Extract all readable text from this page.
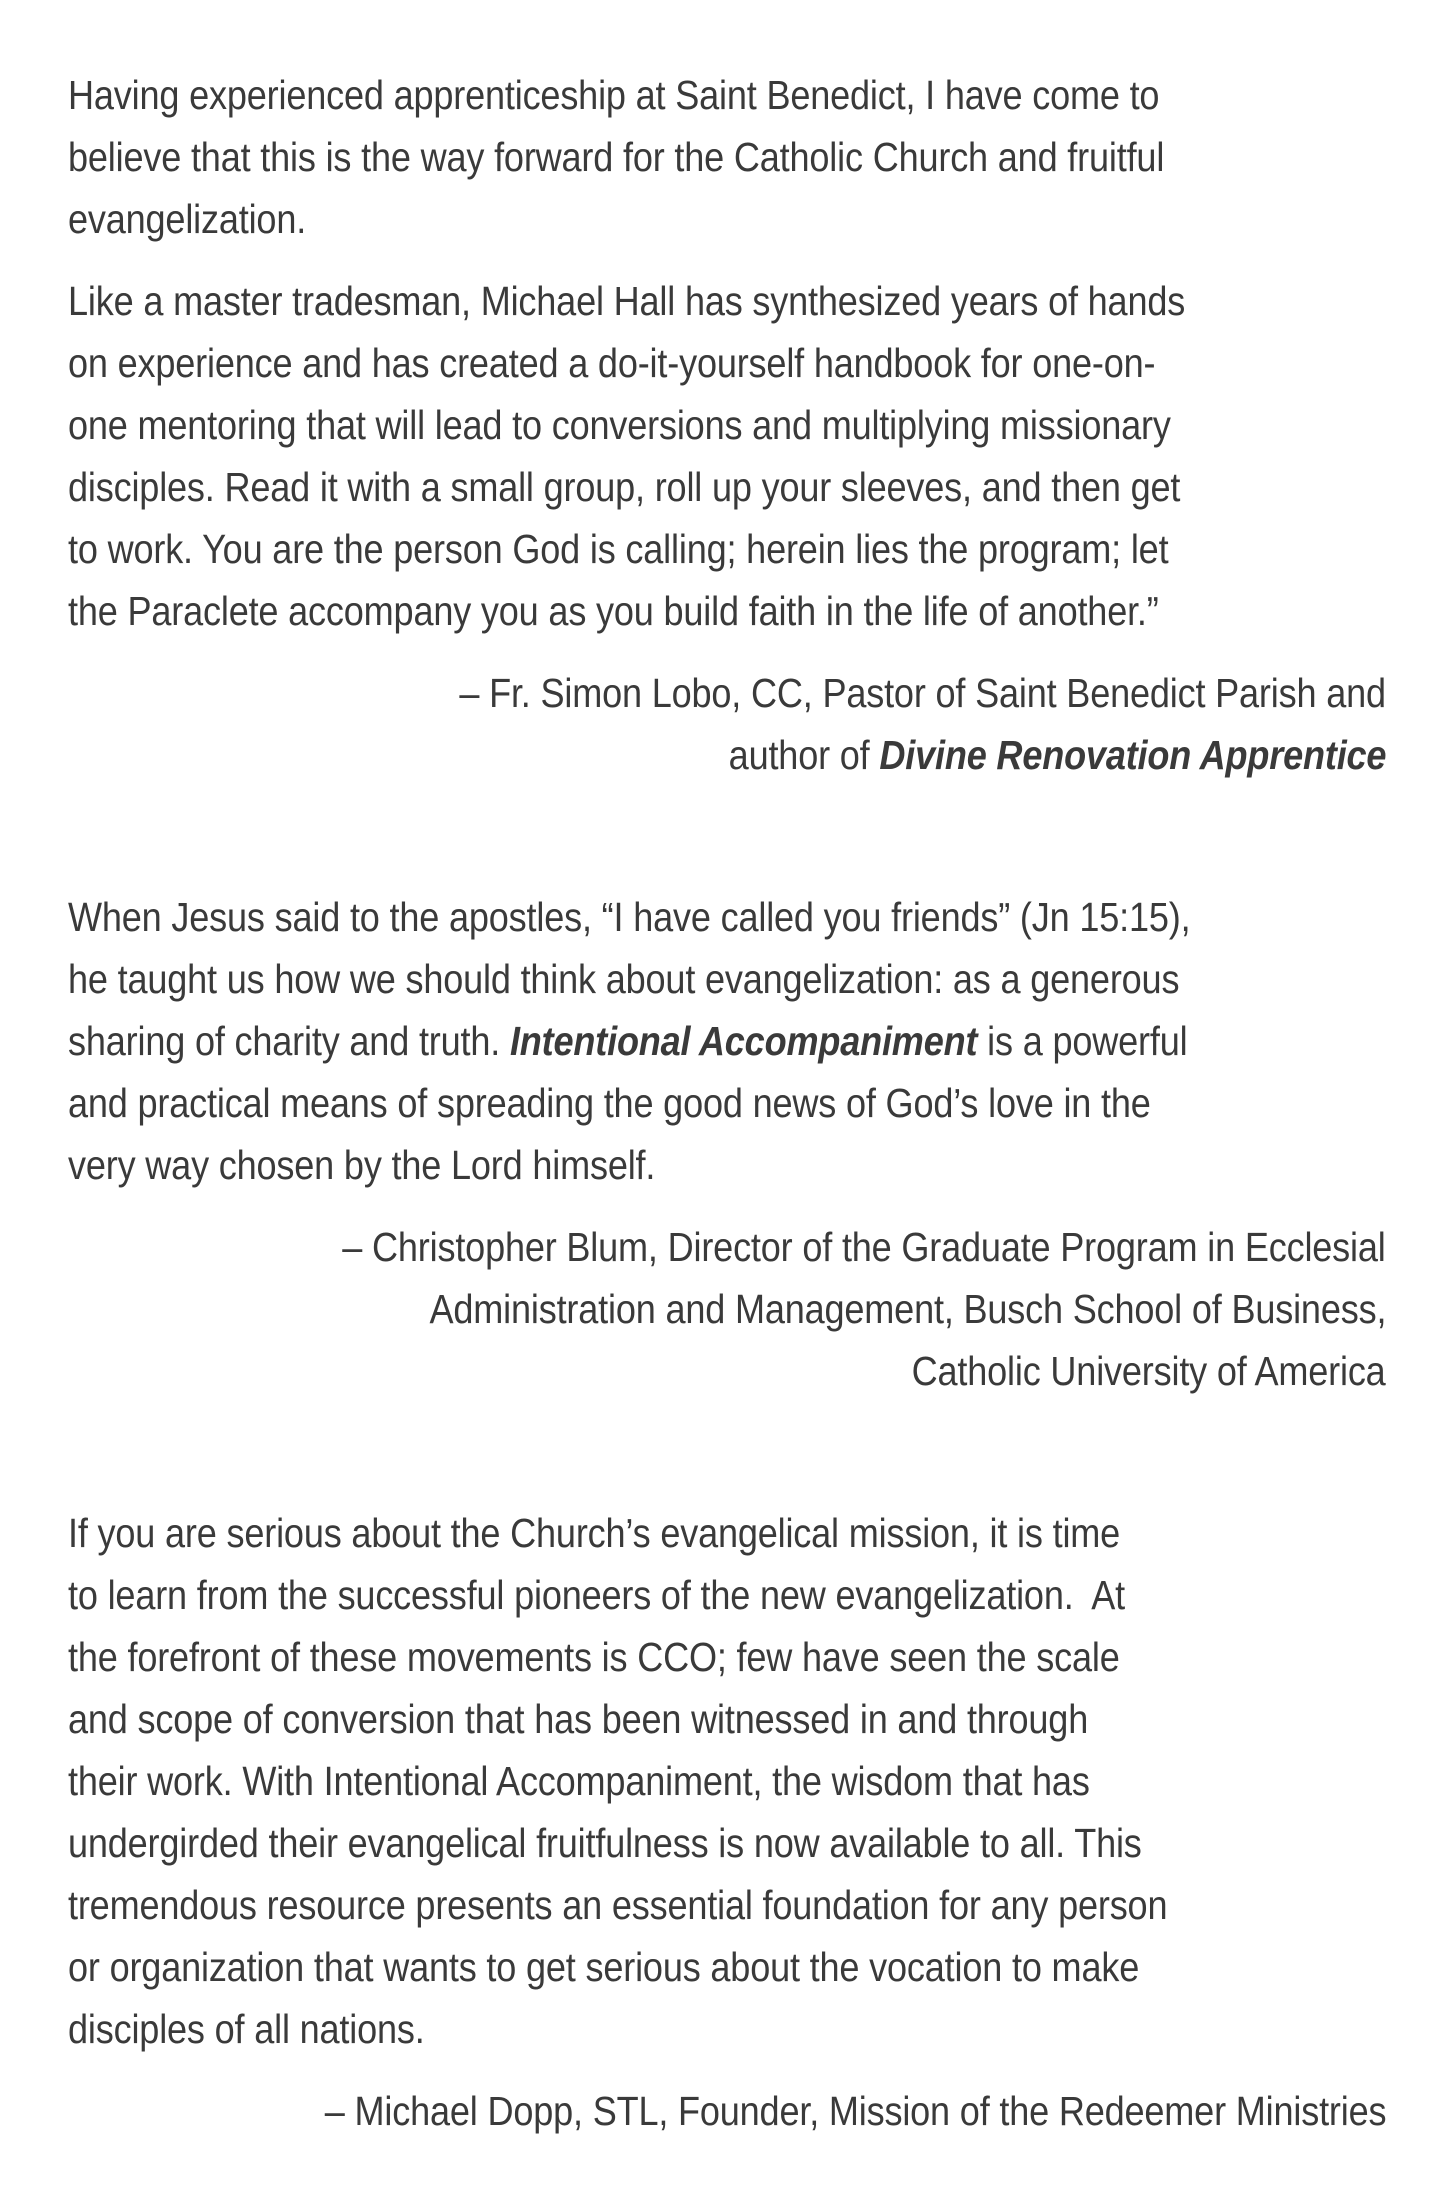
Having experienced apprenticeship at Saint Benedict, I have come to
believe that this is the way forward for the Catholic Church and fruitful
evangelization.
Like a master tradesman, Michael Hall has synthesized years of hands
on experience and has created a do-it-yourself handbook for one-on-
one mentoring that will lead to conversions and multiplying missionary
disciples. Read it with a small group, roll up your sleeves, and then get
to work. You are the person God is calling; herein lies the program; let
the Paraclete accompany you as you build faith in the life of another.”
– Fr. Simon Lobo, CC, Pastor of Saint Benedict Parish and
author of Divine Renovation Apprentice
When Jesus said to the apostles, “I have called you friends” (Jn 15:15),
he taught us how we should think about evangelization: as a generous
sharing of charity and truth. Intentional Accompaniment is a powerful
and practical means of spreading the good news of God’s love in the
very way chosen by the Lord himself.
– Christopher Blum, Director of the Graduate Program in Ecclesial
Administration and Management, Busch School of Business,
Catholic University of America
If you are serious about the Church’s evangelical mission, it is time
to learn from the successful pioneers of the new evangelization.  At
the forefront of these movements is CCO; few have seen the scale
and scope of conversion that has been witnessed in and through
their work. With Intentional Accompaniment, the wisdom that has
undergirded their evangelical fruitfulness is now available to all. This
tremendous resource presents an essential foundation for any person
or organization that wants to get serious about the vocation to make
disciples of all nations.
– Michael Dopp, STL, Founder, Mission of the Redeemer Ministries
